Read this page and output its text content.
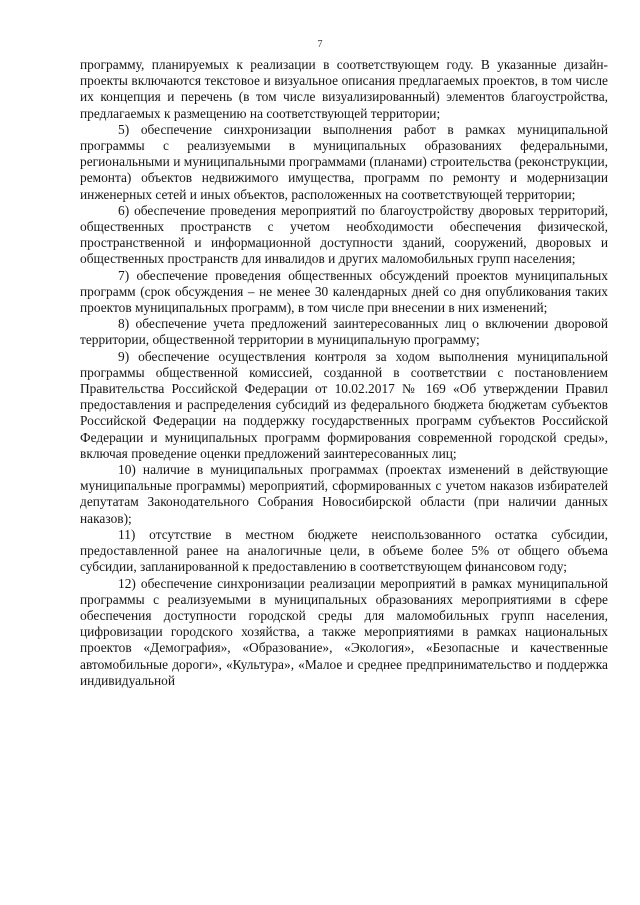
7

программу, планируемых к реализации в соответствующем году. В указанные дизайн-проекты включаются текстовое и визуальное описания предлагаемых проектов, в том числе их концепция и перечень (в том числе визуализированный) элементов благоустройства, предлагаемых к размещению на соответствующей территории;

5) обеспечение синхронизации выполнения работ в рамках муниципальной программы с реализуемыми в муниципальных образованиях федеральными, региональными и муниципальными программами (планами) строительства (реконструкции, ремонта) объектов недвижимого имущества, программ по ремонту и модернизации инженерных сетей и иных объектов, расположенных на соответствующей территории;

6) обеспечение проведения мероприятий по благоустройству дворовых территорий, общественных пространств с учетом необходимости обеспечения физической, пространственной и информационной доступности зданий, сооружений, дворовых и общественных пространств для инвалидов и других маломобильных групп населения;

7) обеспечение проведения общественных обсуждений проектов муниципальных программ (срок обсуждения – не менее 30 календарных дней со дня опубликования таких проектов муниципальных программ), в том числе при внесении в них изменений;

8) обеспечение учета предложений заинтересованных лиц о включении дворовой территории, общественной территории в муниципальную программу;

9) обеспечение осуществления контроля за ходом выполнения муниципальной программы общественной комиссией, созданной в соответствии с постановлением Правительства Российской Федерации от 10.02.2017 № 169 «Об утверждении Правил предоставления и распределения субсидий из федерального бюджета бюджетам субъектов Российской Федерации на поддержку государственных программ субъектов Российской Федерации и муниципальных программ формирования современной городской среды», включая проведение оценки предложений заинтересованных лиц;

10) наличие в муниципальных программах (проектах изменений в действующие муниципальные программы) мероприятий, сформированных с учетом наказов избирателей депутатам Законодательного Собрания Новосибирской области (при наличии данных наказов);

11) отсутствие в местном бюджете неиспользованного остатка субсидии, предоставленной ранее на аналогичные цели, в объеме более 5% от общего объема субсидии, запланированной к предоставлению в соответствующем финансовом году;

12) обеспечение синхронизации реализации мероприятий в рамках муниципальной программы с реализуемыми в муниципальных образованиях мероприятиями в сфере обеспечения доступности городской среды для маломобильных групп населения, цифровизации городского хозяйства, а также мероприятиями в рамках национальных проектов «Демография», «Образование», «Экология», «Безопасные и качественные автомобильные дороги», «Культура», «Малое и среднее предпринимательство и поддержка индивидуальной
